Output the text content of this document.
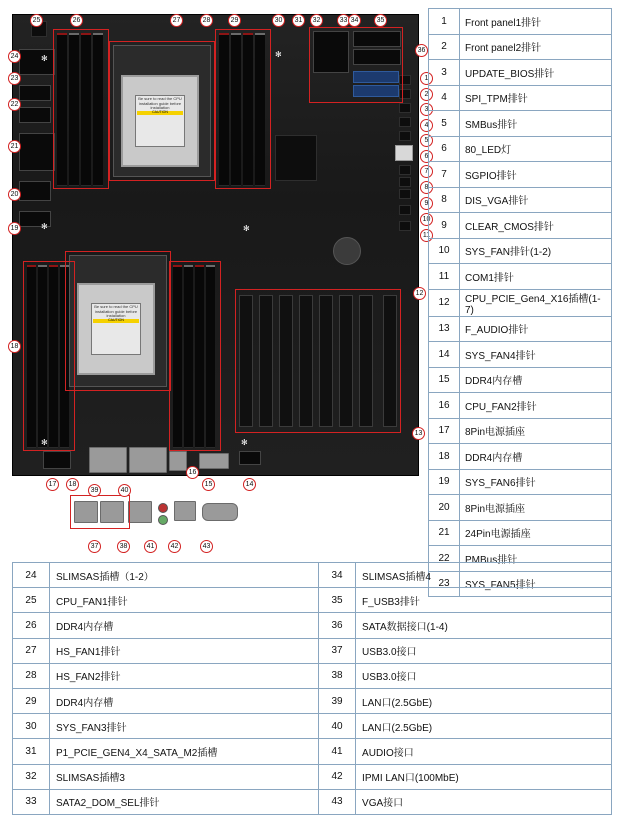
Be sure to read the CPU installation guide before installation
CAUTION
Be sure to read the CPU installation guide before installation
CAUTION
✻
✻	✻
✻
✻
✻
1
2
3
4
5
6
7
8
9
10
11
12
13
14
15
16
17	18
18
19
20
21
22
23
24
25	26	27	28	29	30	31	32	33 34	35
36
37	38
39	40
41	42	43
1	Front panel1排针
2	Front panel2排针
3	UPDATE_BIOS排针
4	SPI_TPM排针
5	SMBus排针
6	80_LED灯
7	SGPIO排针
8	DIS_VGA排针
9	CLEAR_CMOS排针
10	SYS_FAN排针(1-2)
11	COM1排针
12	CPU_PCIE_Gen4_X16插槽(1-7)
13	F_AUDIO排针
14	SYS_FAN4排针
15	DDR4内存槽
16	CPU_FAN2排针
17	8Pin电源插座
18	DDR4内存槽
19	SYS_FAN6排针
20	8Pin电源插座
21	24Pin电源插座
22	PMBus排针
23	SYS_FAN5排针
24	SLIMSAS插槽（1-2）	34	SLIMSAS插槽4
25	CPU_FAN1排针	35	F_USB3排针
26	DDR4内存槽	36	SATA数据接口(1-4)
27	HS_FAN1排针	37	USB3.0接口
28	HS_FAN2排针	38	USB3.0接口
29	DDR4内存槽	39	LAN口(2.5GbE)
30	SYS_FAN3排针	40	LAN口(2.5GbE)
31	P1_PCIE_GEN4_X4_SATA_M2插槽	41	AUDIO接口
32	SLIMSAS插槽3	42	IPMI LAN口(100MbE)
33	SATA2_DOM_SEL排针	43	VGA接口
